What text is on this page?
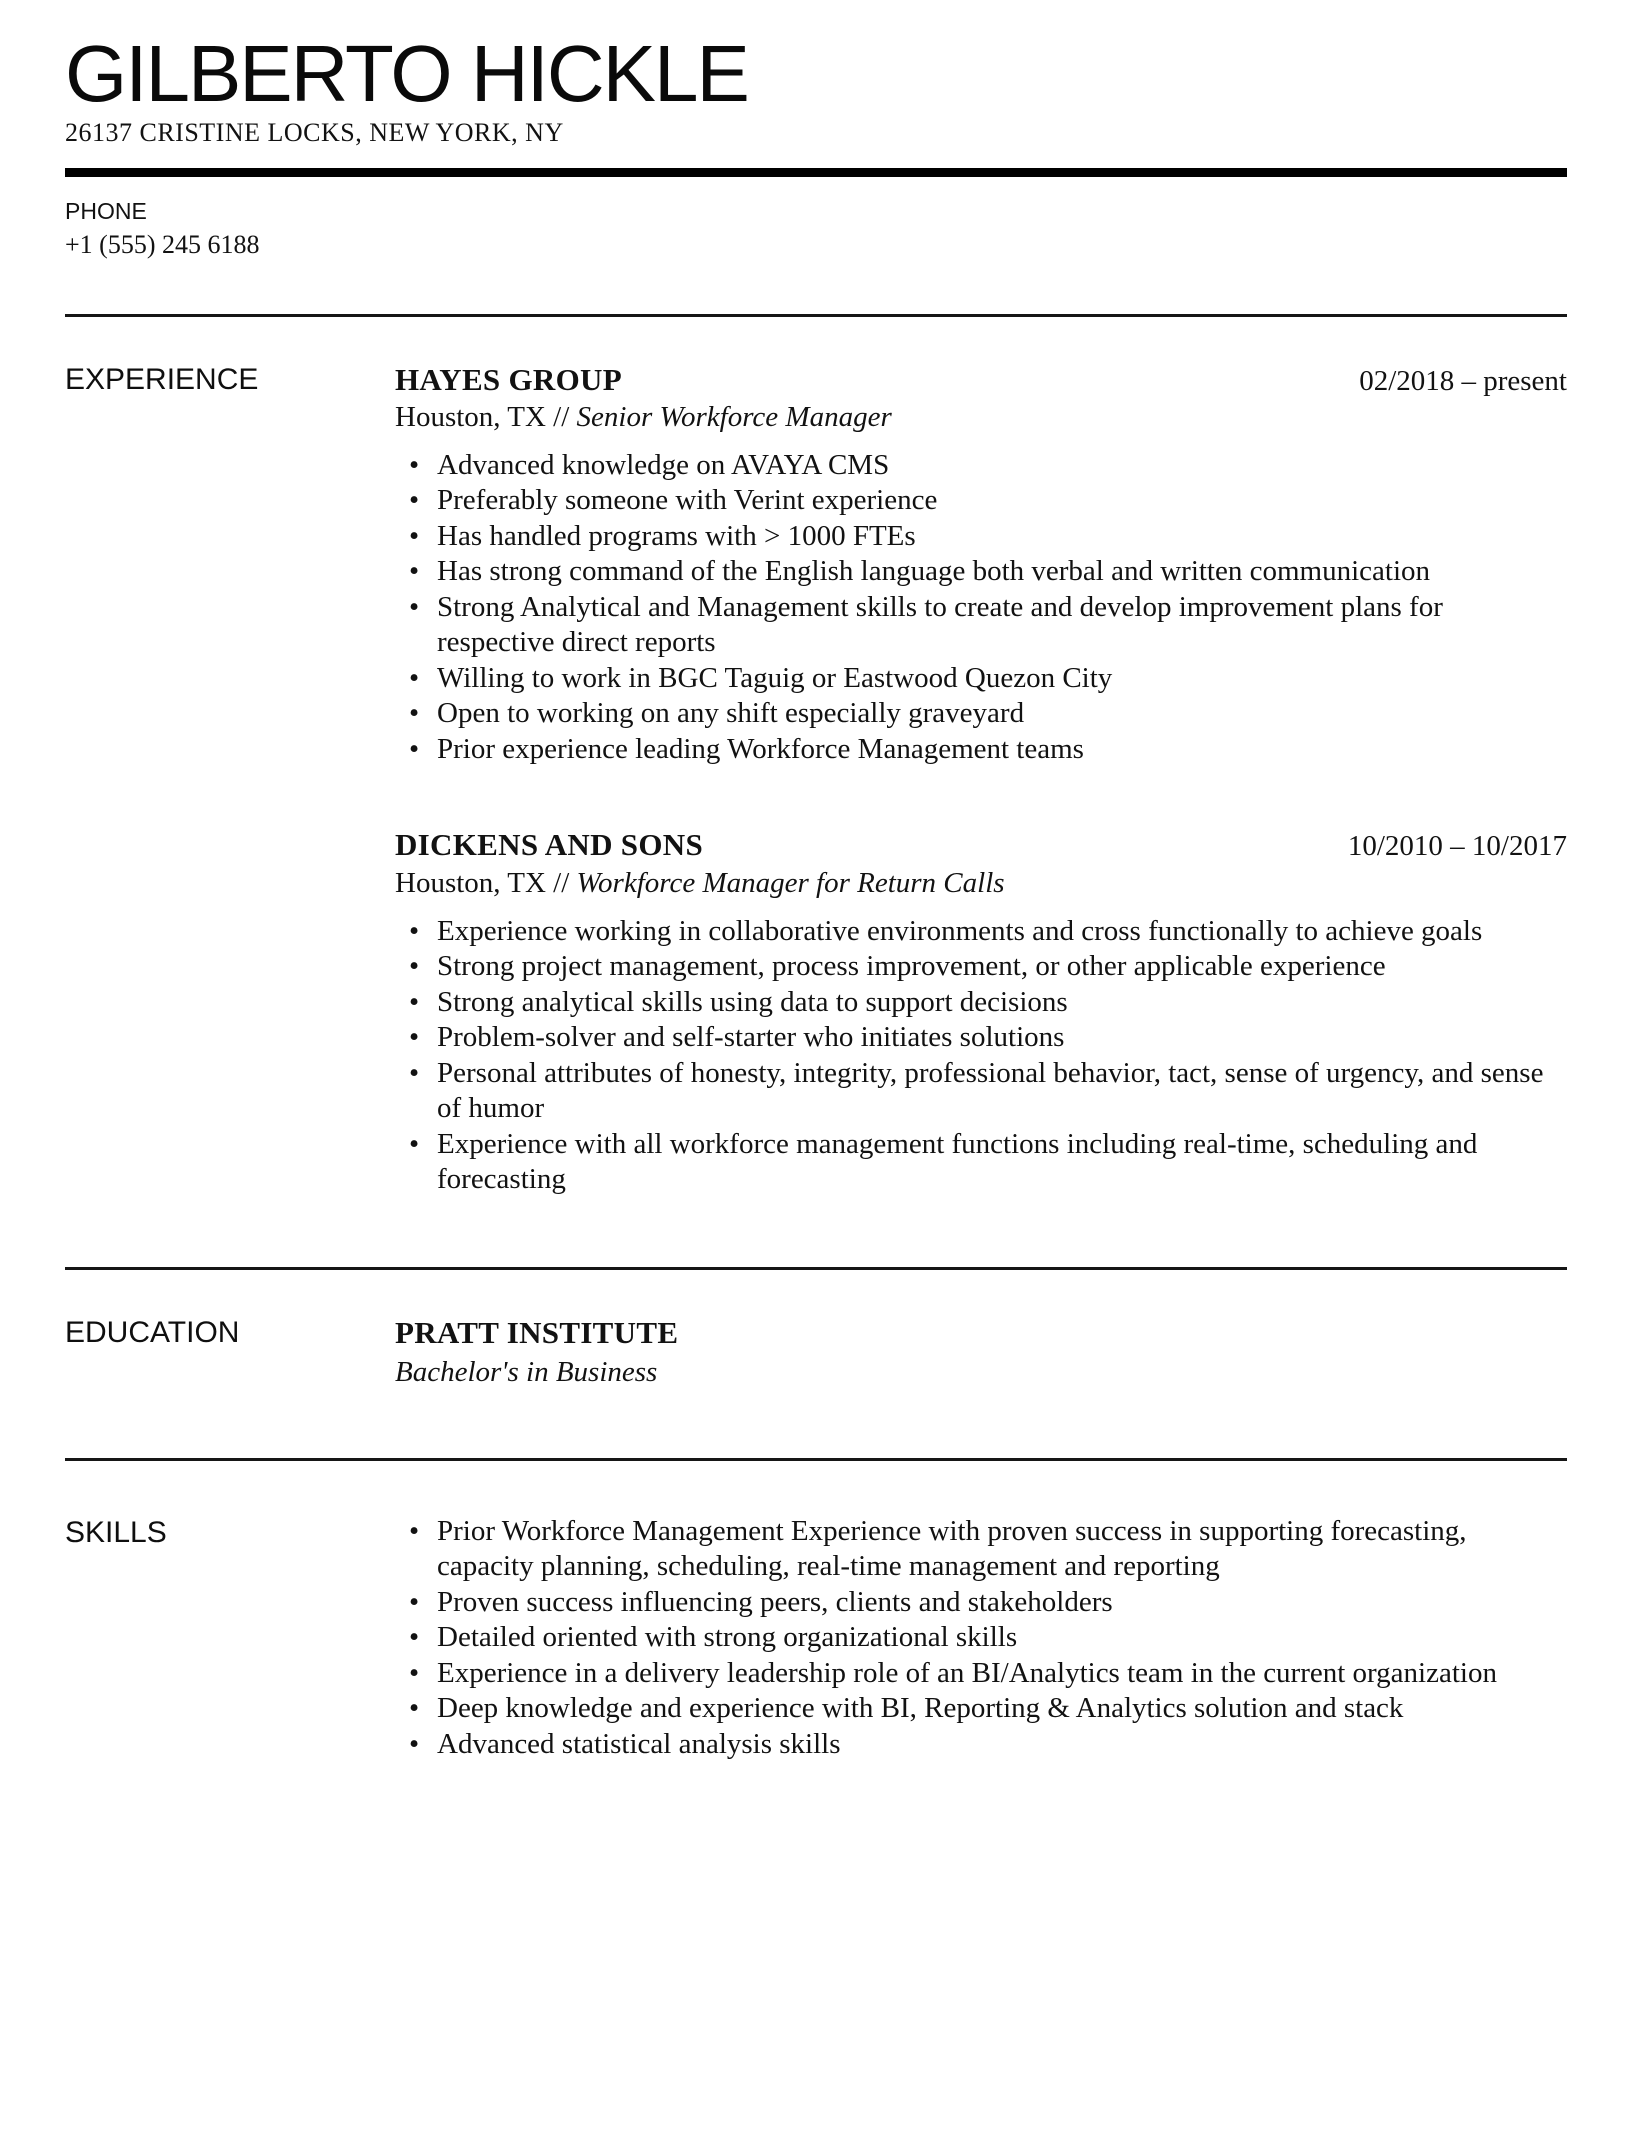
GILBERTO HICKLE
26137 CRISTINE LOCKS, NEW YORK, NY
PHONE
+1 (555) 245 6188
EXPERIENCE	HAYES GROUP	02/2018 – present
Houston, TX // Senior Workforce Manager
• Advanced knowledge on AVAYA CMS
• Preferably someone with Verint experience
• Has handled programs with > 1000 FTEs
• Has strong command of the English language both verbal and written communication
• Strong Analytical and Management skills to create and develop improvement plans for respective direct reports
• Willing to work in BGC Taguig or Eastwood Quezon City
• Open to working on any shift especially graveyard
• Prior experience leading Workforce Management teams
DICKENS AND SONS	10/2010 – 10/2017
Houston, TX // Workforce Manager for Return Calls
• Experience working in collaborative environments and cross functionally to achieve goals
• Strong project management, process improvement, or other applicable experience
• Strong analytical skills using data to support decisions
• Problem-solver and self-starter who initiates solutions
• Personal attributes of honesty, integrity, professional behavior, tact, sense of urgency, and sense of humor
• Experience with all workforce management functions including real-time, scheduling and forecasting
EDUCATION	PRATT INSTITUTE
Bachelor's in Business
SKILLS	• Prior Workforce Management Experience with proven success in supporting forecasting, capacity planning, scheduling, real-time management and reporting
• Proven success influencing peers, clients and stakeholders
• Detailed oriented with strong organizational skills
• Experience in a delivery leadership role of an BI/Analytics team in the current organization
• Deep knowledge and experience with BI, Reporting & Analytics solution and stack
• Advanced statistical analysis skills
